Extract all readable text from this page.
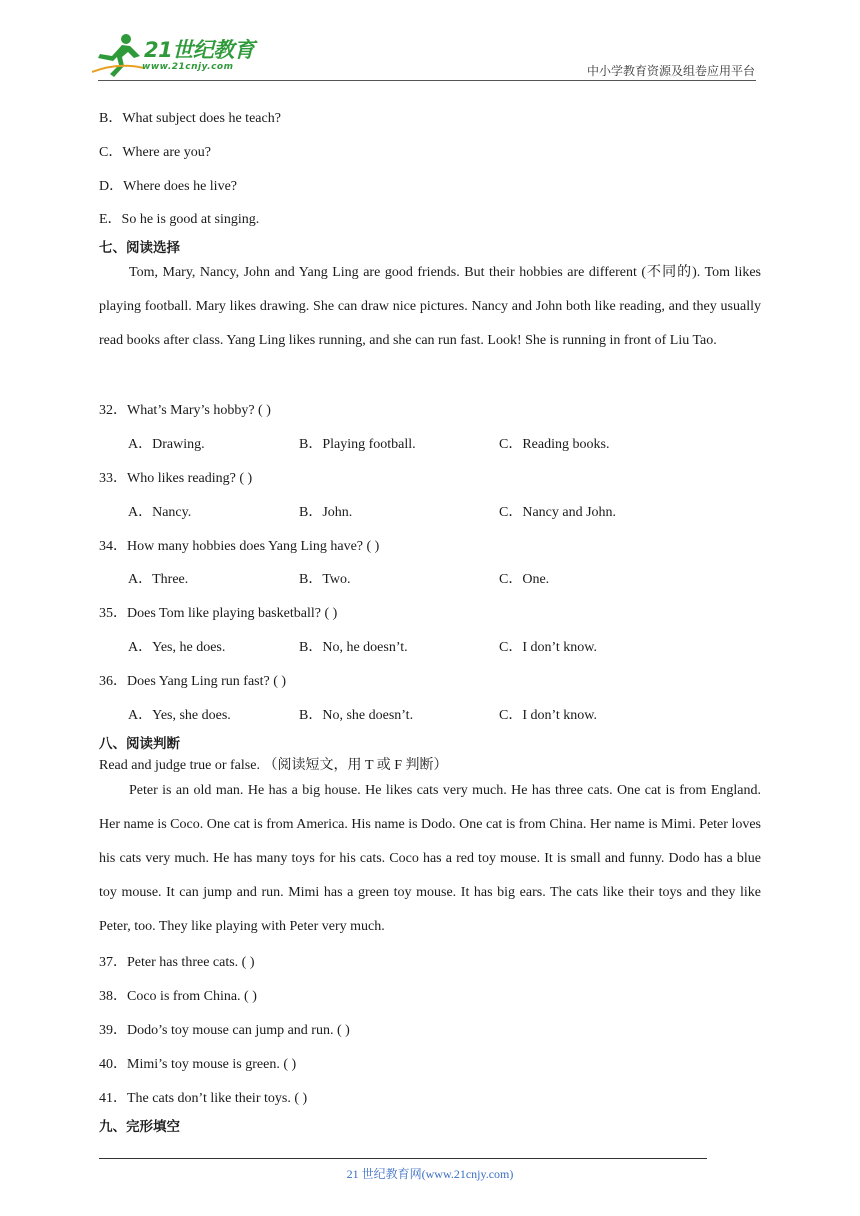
21世纪教育
www.21cnjy.com	中小学教育资源及组卷应用平台
B．What subject does he teach?
C．Where are you?
D．Where does he live?
E．So he is good at singing.
七、阅读选择
Tom, Mary, Nancy, John and Yang Ling are good friends. But their hobbies are different (不同的). Tom likes playing football. Mary likes drawing. She can draw nice pictures. Nancy and John both like reading, and they usually read books after class. Yang Ling likes running, and she can run fast. Look! She is running in front of Liu Tao.
32．What’s Mary’s hobby? ( )
A．Drawing.	B．Playing football.	C．Reading books.
33．Who likes reading? ( )
A．Nancy.	B．John.	C．Nancy and John.
34．How many hobbies does Yang Ling have? ( )
A．Three.	B．Two.	C．One.
35．Does Tom like playing basketball? ( )
A．Yes, he does.	B．No, he doesn’t.	C．I don’t know.
36．Does Yang Ling run fast? ( )
A．Yes, she does.	B．No, she doesn’t.	C．I don’t know.
八、阅读判断
Read and judge true or false. （阅读短文，用 T 或 F 判断）
Peter is an old man. He has a big house. He likes cats very much. He has three cats. One cat is from England. Her name is Coco. One cat is from America. His name is Dodo. One cat is from China. Her name is Mimi. Peter loves his cats very much. He has many toys for his cats. Coco has a red toy mouse. It is small and funny. Dodo has a blue toy mouse. It can jump and run. Mimi has a green toy mouse. It has big ears. The cats like their toys and they like Peter, too. They like playing with Peter very much.
37．Peter has three cats. ( )
38．Coco is from China. ( )
39．Dodo’s toy mouse can jump and run. ( )
40．Mimi’s toy mouse is green. ( )
41．The cats don’t like their toys. ( )
九、完形填空
21 世纪教育网(www.21cnjy.com)
